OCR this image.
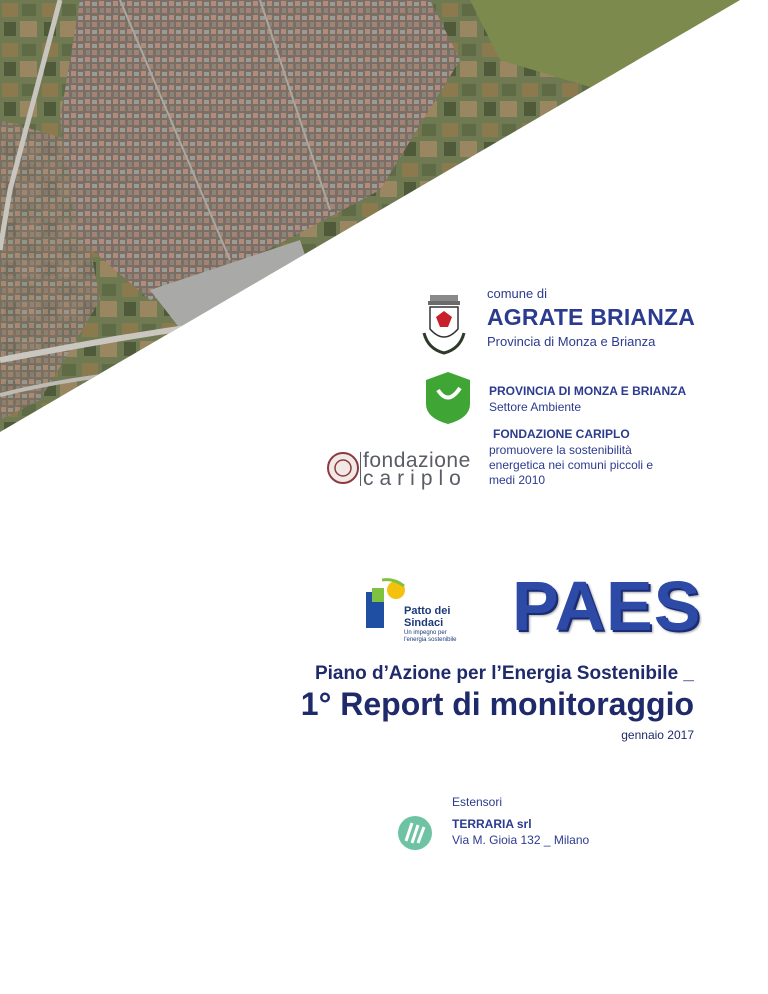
fondazione
cariplo
Patto dei Sindaci
Un impegno per l'energia sostenibile
comune di
AGRATE BRIANZA
Provincia di Monza e Brianza
PROVINCIA DI MONZA E BRIANZA
Settore Ambiente
FONDAZIONE CARIPLO
promuovere la sostenibilità energetica nei comuni piccoli e medi 2010
PAES
Piano d’Azione per l’Energia Sostenibile _
1° Report di monitoraggio
gennaio 2017
Estensori
TERRARIA srl
Via M. Gioia 132 _ Milano
